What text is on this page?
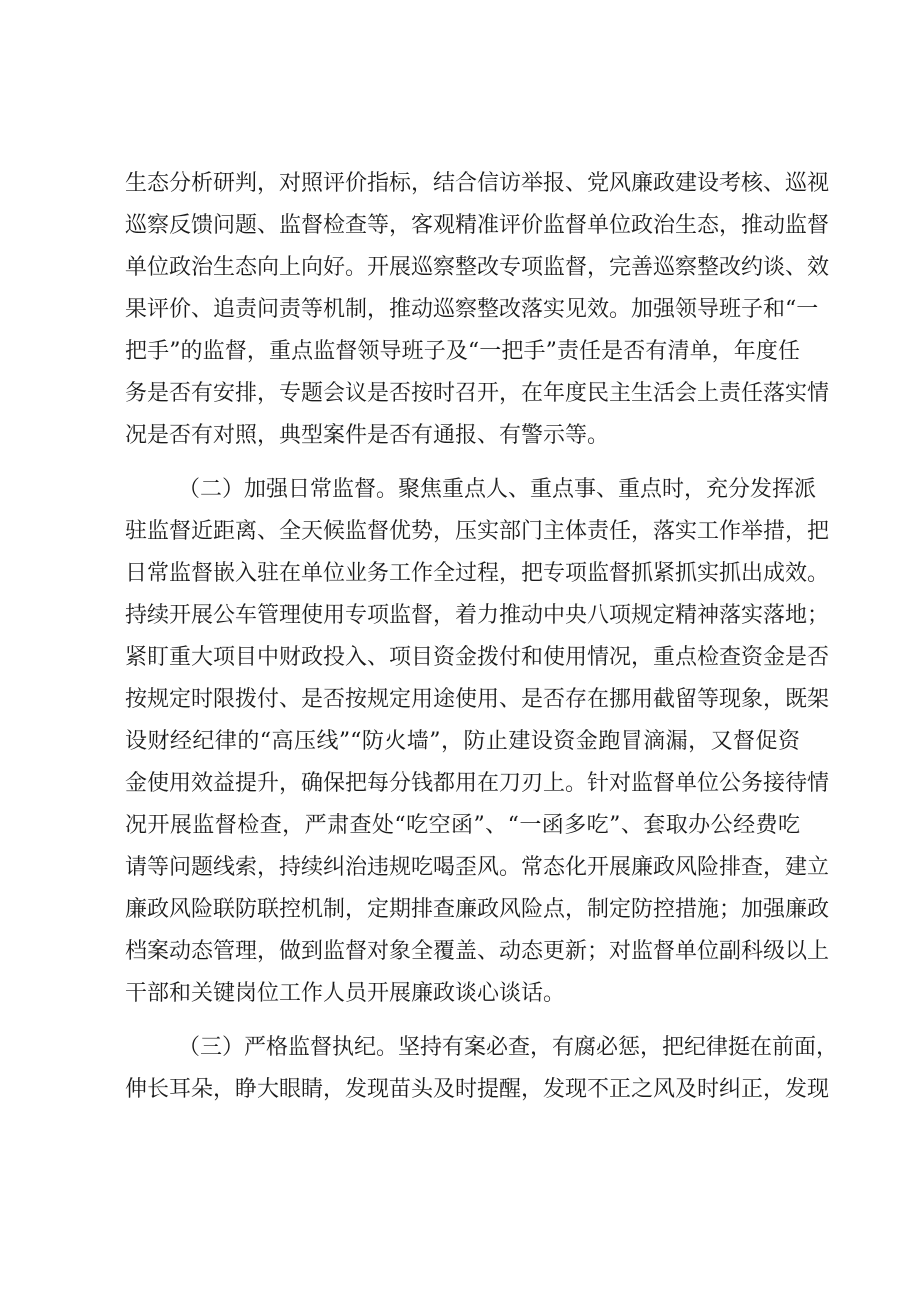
生态分析研判，对照评价指标，结合信访举报、党风廉政建设考核、巡视
巡察反馈问题、监督检查等，客观精准评价监督单位政治生态，推动监督
单位政治生态向上向好。开展巡察整改专项监督，完善巡察整改约谈、效
果评价、追责问责等机制，推动巡察整改落实见效。加强领导班子和“一
把手”的监督，重点监督领导班子及“一把手”责任是否有清单，年度任
务是否有安排，专题会议是否按时召开，在年度民主生活会上责任落实情
况是否有对照，典型案件是否有通报、有警示等。
（二）加强日常监督。聚焦重点人、重点事、重点时，充分发挥派
驻监督近距离、全天候监督优势，压实部门主体责任，落实工作举措，把
日常监督嵌入驻在单位业务工作全过程，把专项监督抓紧抓实抓出成效。
持续开展公车管理使用专项监督，着力推动中央八项规定精神落实落地；
紧盯重大项目中财政投入、项目资金拨付和使用情况，重点检查资金是否
按规定时限拨付、是否按规定用途使用、是否存在挪用截留等现象，既架
设财经纪律的“高压线”“防火墙”，防止建设资金跑冒滴漏，又督促资
金使用效益提升，确保把每分钱都用在刀刃上。针对监督单位公务接待情
况开展监督检查，严肃查处“吃空函”、“一函多吃”、套取办公经费吃
请等问题线索，持续纠治违规吃喝歪风。常态化开展廉政风险排查，建立
廉政风险联防联控机制，定期排查廉政风险点，制定防控措施；加强廉政
档案动态管理，做到监督对象全覆盖、动态更新；对监督单位副科级以上
干部和关键岗位工作人员开展廉政谈心谈话。
（三）严格监督执纪。坚持有案必查，有腐必惩，把纪律挺在前面，
伸长耳朵，睁大眼睛，发现苗头及时提醒，发现不正之风及时纠正，发现
